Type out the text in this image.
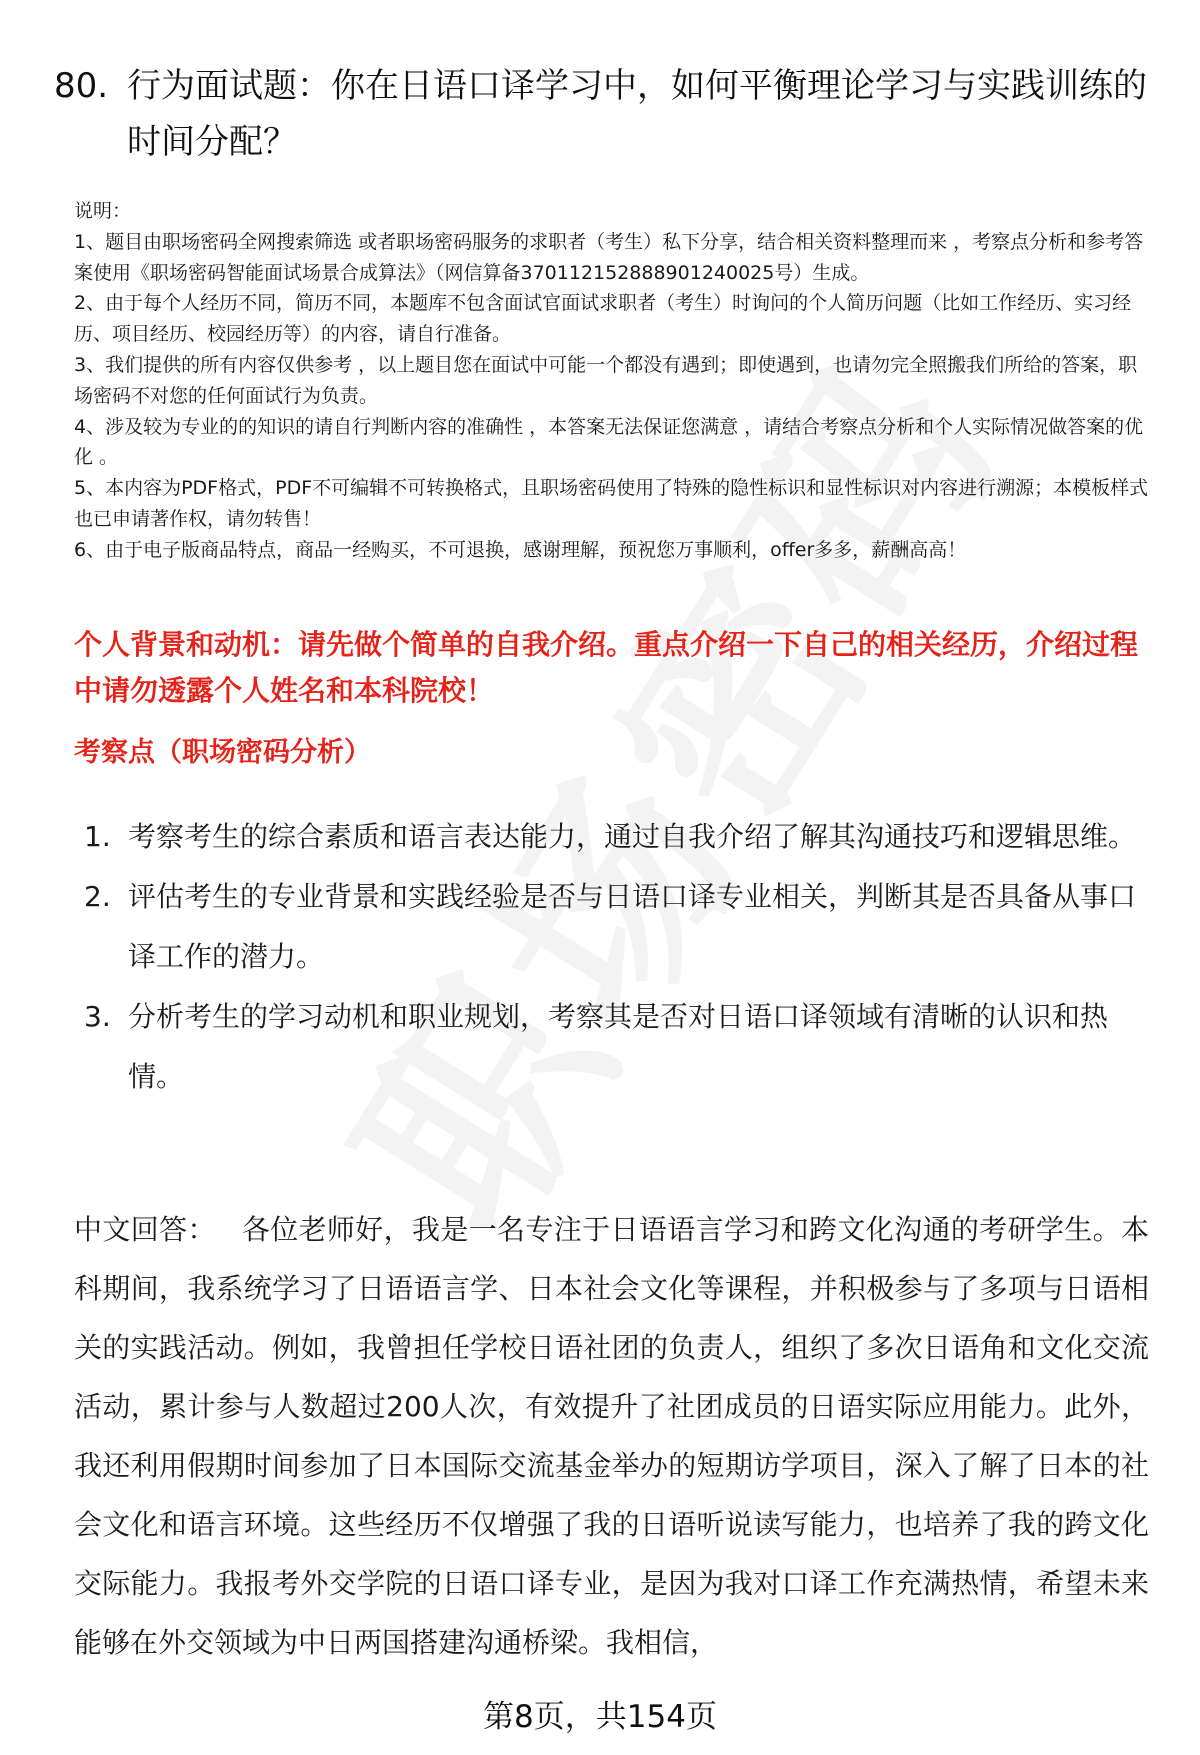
80. 行为面试题：你在日语口译学习中，如何平衡理论学习与实践训练的时间分配？

说明：

1、题目由职场密码全网搜索筛选 或者职场密码服务的求职者（考生）私下分享，结合相关资料整理而来 ，考察点分析和参考答案使用《职场密码智能面试场景合成算法》（网信算备370112152888901240025号）生成。

2、由于每个人经历不同，简历不同，本题库不包含面试官面试求职者（考生）时询问的个人简历问题（比如工作经历、实习经历、项目经历、校园经历等）的内容，请自行准备。

3、我们提供的所有内容仅供参考 ，以上题目您在面试中可能一个都没有遇到；即使遇到，也请勿完全照搬我们所给的答案，职场密码不对您的任何面试行为负责。

4、涉及较为专业的的知识的请自行判断内容的准确性 ，本答案无法保证您满意 ，请结合考察点分析和个人实际情况做答案的优化 。

5、本内容为PDF格式，PDF不可编辑不可转换格式，且职场密码使用了特殊的隐性标识和显性标识对内容进行溯源；本模板样式也已申请著作权，请勿转售！

6、由于电子版商品特点，商品一经购买，不可退换，感谢理解，预祝您万事顺利，offer多多，薪酬高高！

个人背景和动机：请先做个简单的自我介绍。重点介绍一下自己的相关经历，介绍过程中请勿透露个人姓名和本科院校！
考察点（职场密码分析）
1. 考察考生的综合素质和语言表达能力，通过自我介绍了解其沟通技巧和逻辑思维。
2. 评估考生的专业背景和实践经验是否与日语口译专业相关，判断其是否具备从事口译工作的潜力。
3. 分析考生的学习动机和职业规划，考察其是否对日语口译领域有清晰的认识和热情。
中文回答： 各位老师好，我是一名专注于日语语言学习和跨文化沟通的考研学生。本科期间，我系统学习了日语语言学、日本社会文化等课程，并积极参与了多项与日语相关的实践活动。例如，我曾担任学校日语社团的负责人，组织了多次日语角和文化交流活动，累计参与人数超过200人次，有效提升了社团成员的日语实际应用能力。此外，我还利用假期时间参加了日本国际交流基金举办的短期访学项目，深入了解了日本的社会文化和语言环境。这些经历不仅增强了我的日语听说读写能力，也培养了我的跨文化交际能力。我报考外交学院的日语口译专业，是因为我对口译工作充满热情，希望未来能够在外交领域为中日两国搭建沟通桥梁。我相信，
第8页，共154页
